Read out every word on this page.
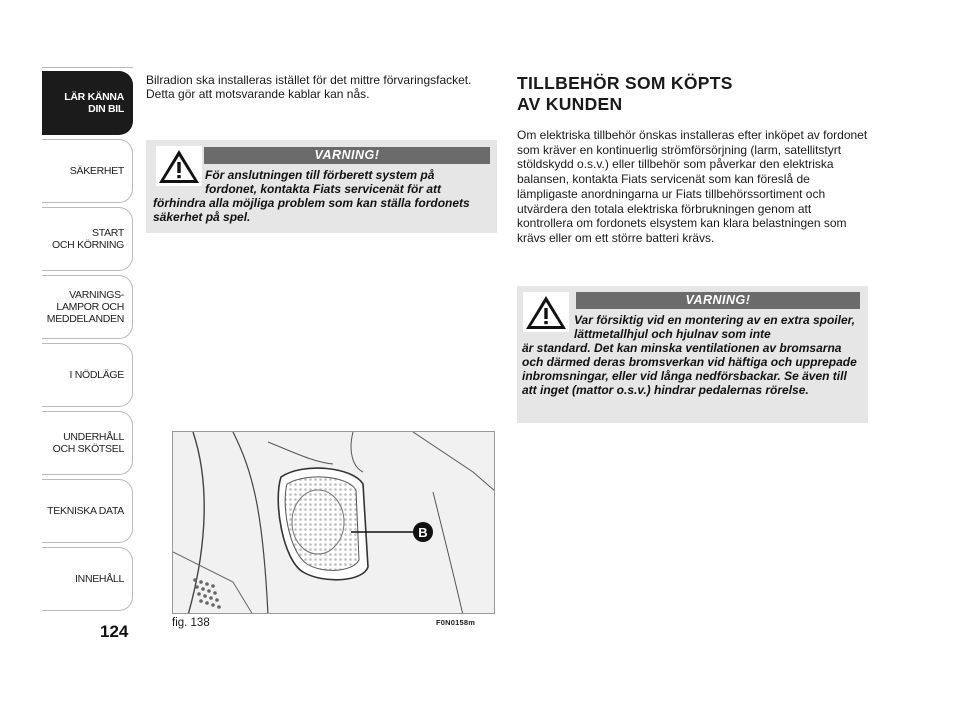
LÄR KÄNNA
DIN BIL
SÄKERHET
START
OCH KÖRNING
VARNINGS-
LAMPOR OCH
MEDDELANDEN
I NÖDLÄGE
UNDERHÅLL
OCH SKÖTSEL
TEKNISKA DATA
INNEHÅLL
124
Bilradion ska installeras istället för det mittre förvaringsfacket. Detta gör att motsvarande kablar kan nås.
VARNING!
För anslutningen till förberett system på fordonet, kontakta Fiats servicenät för att
förhindra alla möjliga problem som kan ställa fordonets säkerhet på spel.
B
fig. 138	F0N0158m
TILLBEHÖR SOM KÖPTS
AV KUNDEN
Om elektriska tillbehör önskas installeras efter inköpet av fordonet som kräver en kontinuerlig strömförsörjning (larm, satellitstyrt stöldskydd o.s.v.) eller tillbehör som påverkar den elektriska balansen, kontakta Fiats servicenät som kan föreslå de lämpligaste anordningarna ur Fiats tillbehörssortiment och utvärdera den totala elektriska förbrukningen genom att kontrollera om fordonets elsystem kan klara belastningen som krävs eller om ett större batteri krävs.
VARNING!
Var försiktig vid en montering av en extra spoiler, lättmetallhjul och hjulnav som inte
är standard. Det kan minska ventilationen av bromsarna och därmed deras bromsverkan vid häftiga och upprepade inbromsningar, eller vid långa nedförsbackar. Se även till att inget (mattor o.s.v.) hindrar pedalernas rörelse.
